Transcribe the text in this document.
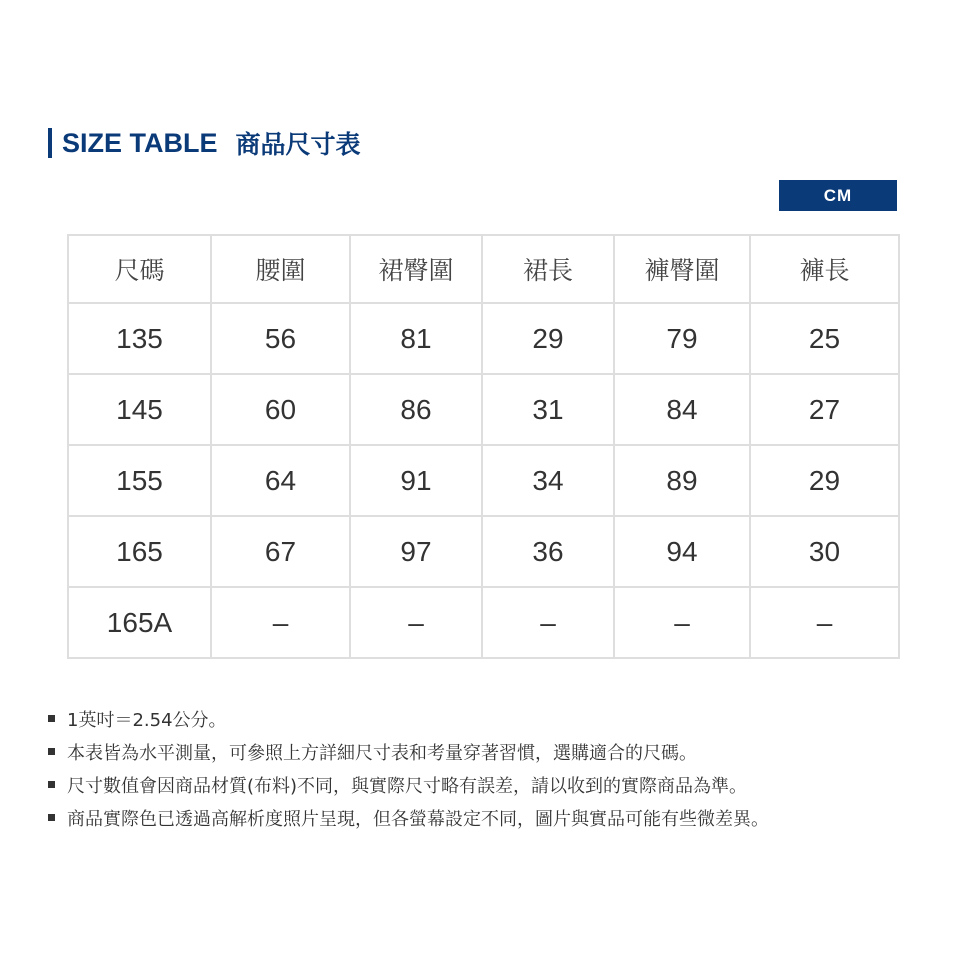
SIZE TABLE 商品尺寸表
CM
尺碼	腰圍	裙臀圍	裙長	褲臀圍	褲長
135	56	81	29	79	25
145	60	86	31	84	27
155	64	91	34	89	29
165	67	97	36	94	30
165A	–	–	–	–	–
1英吋＝2.54公分。
本表皆為水平測量，可參照上方詳細尺寸表和考量穿著習慣，選購適合的尺碼。
尺寸數值會因商品材質(布料)不同，與實際尺寸略有誤差，請以收到的實際商品為準。
商品實際色已透過高解析度照片呈現，但各螢幕設定不同，圖片與實品可能有些微差異。
